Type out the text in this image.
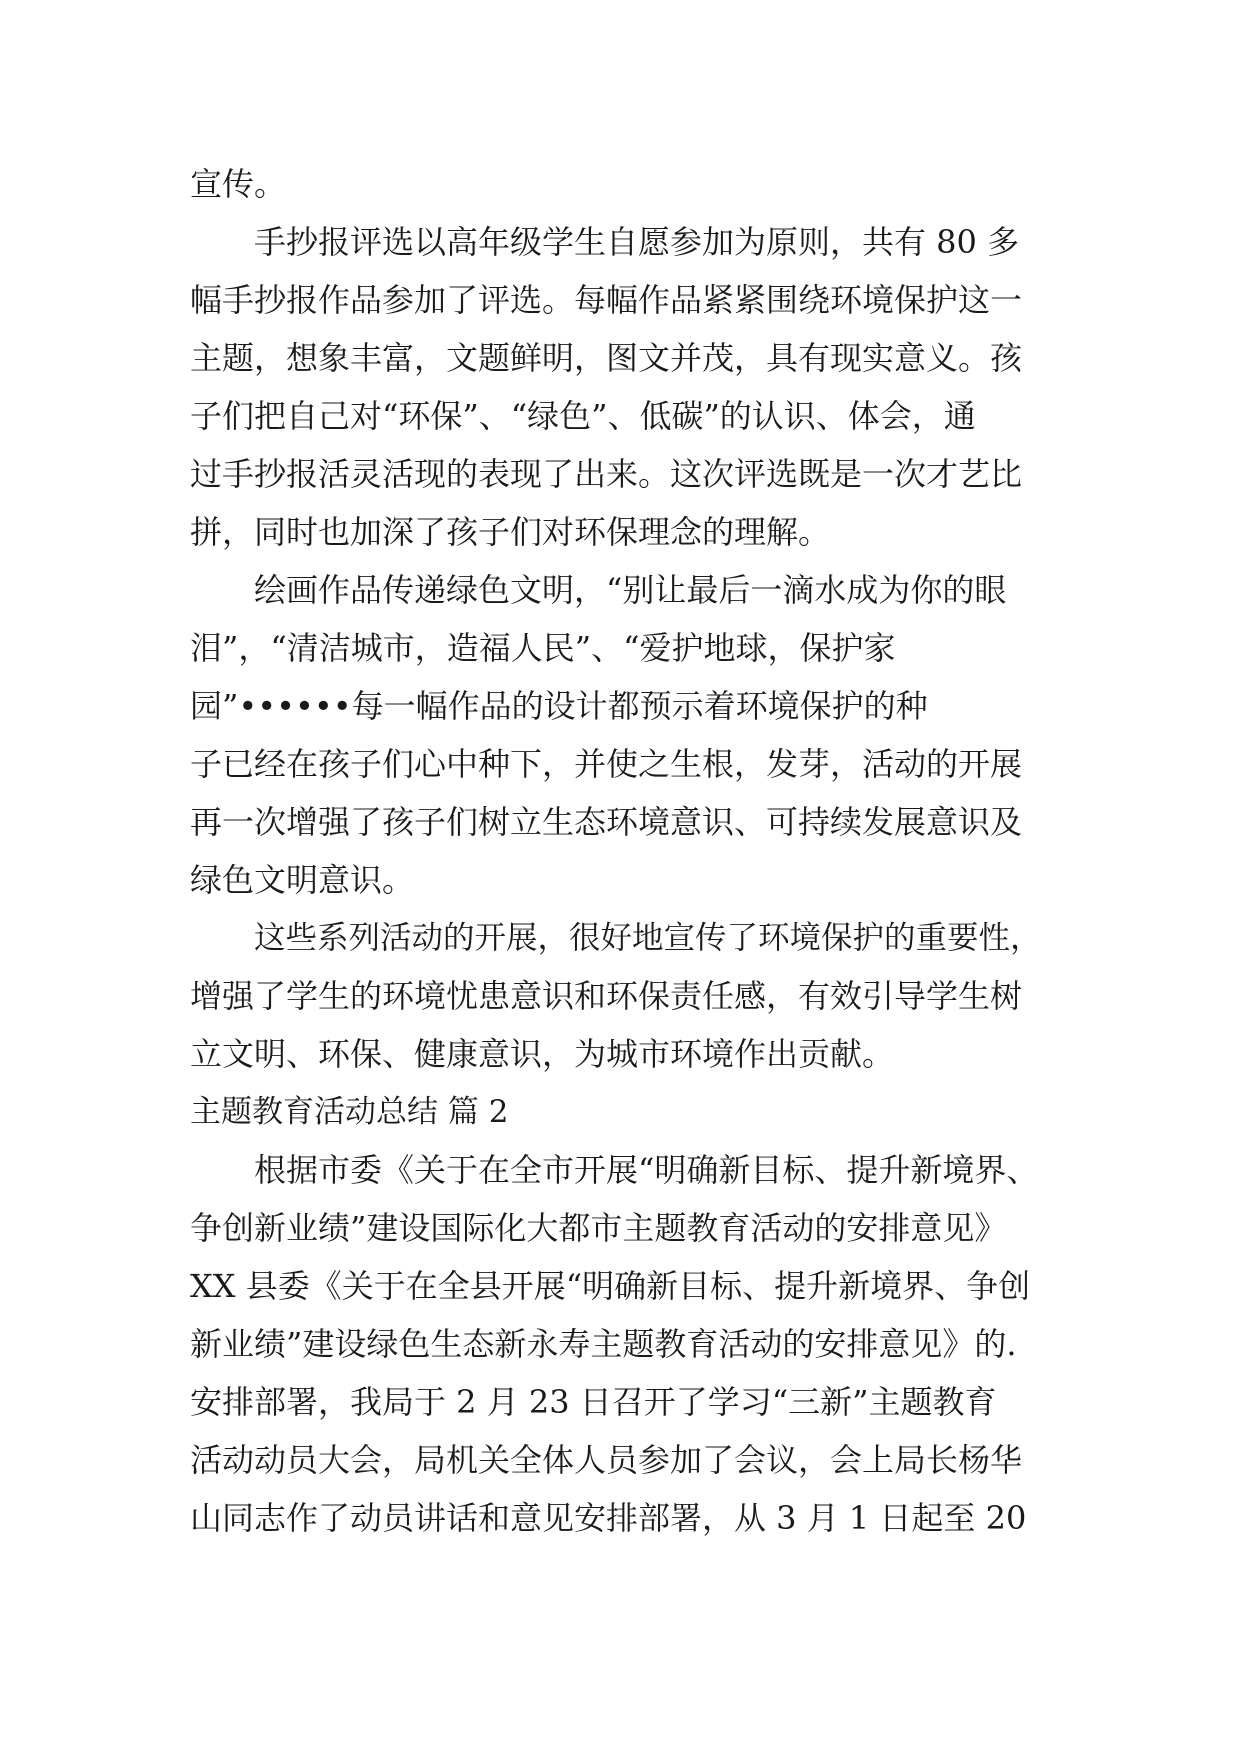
宣传。
手抄报评选以高年级学生自愿参加为原则，共有 80 多
幅手抄报作品参加了评选。每幅作品紧紧围绕环境保护这一
主题，想象丰富，文题鲜明，图文并茂，具有现实意义。孩
子们把自己对“环保”、“绿色”、低碳”的认识、体会，通
过手抄报活灵活现的表现了出来。这次评选既是一次才艺比
拼，同时也加深了孩子们对环保理念的理解。
绘画作品传递绿色文明，“别让最后一滴水成为你的眼
泪”，“清洁城市，造福人民”、“爱护地球，保护家
园”••••••每一幅作品的设计都预示着环境保护的种
子已经在孩子们心中种下，并使之生根，发芽，活动的开展
再一次增强了孩子们树立生态环境意识、可持续发展意识及
绿色文明意识。
这些系列活动的开展，很好地宣传了环境保护的重要性，
增强了学生的环境忧患意识和环保责任感，有效引导学生树
立文明、环保、健康意识，为城市环境作出贡献。
主题教育活动总结 篇 2
根据市委《关于在全市开展“明确新目标、提升新境界、
争创新业绩”建设国际化大都市主题教育活动的安排意见》
XX 县委《关于在全县开展“明确新目标、提升新境界、争创
新业绩”建设绿色生态新永寿主题教育活动的安排意见》的.
安排部署，我局于 2 月 23 日召开了学习“三新”主题教育
活动动员大会，局机关全体人员参加了会议，会上局长杨华
山同志作了动员讲话和意见安排部署，从 3 月 1 日起至 20
